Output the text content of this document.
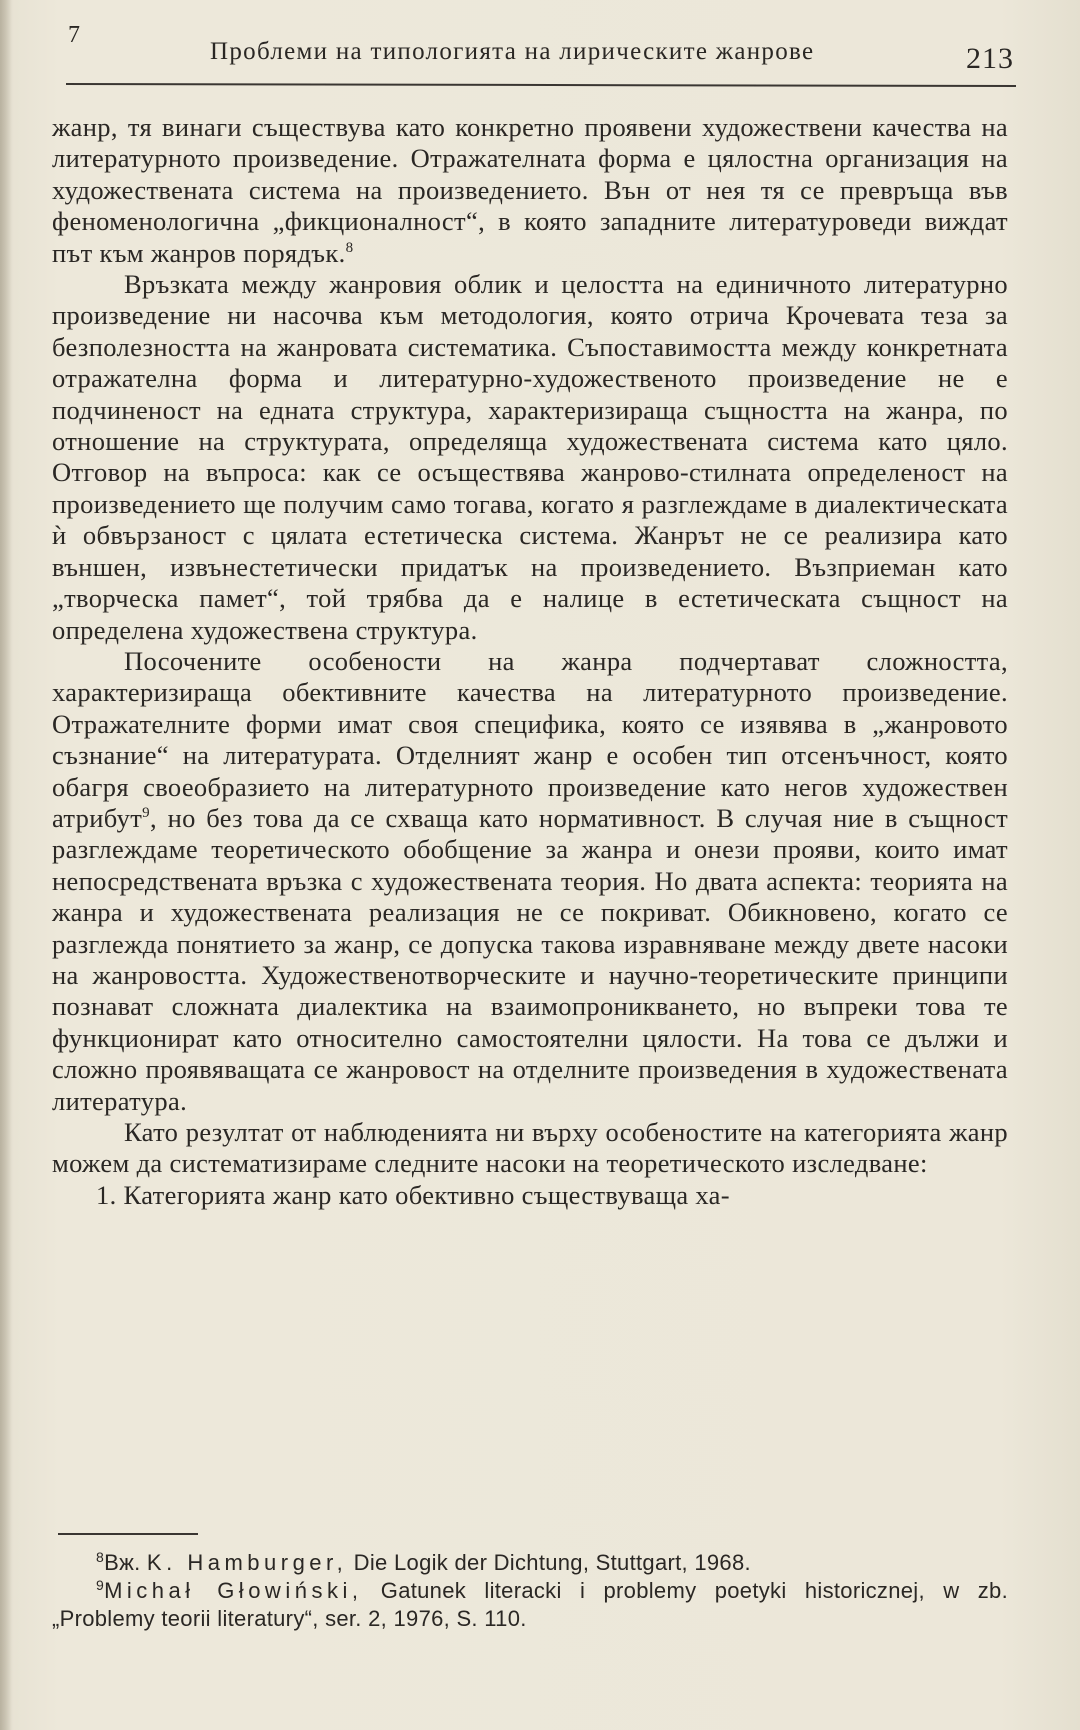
7
Проблеми на типологията на лирическите жанрове	213

жанр, тя винаги съществува като конкретно проявени художествени качества на литературното произведение. Отражателната форма е цялостна организация на художествената система на произведението. Вън от нея тя се превръща във феноменологична „фикционалност“, в която западните литературоведи виждат път към жанров порядък.$^8$

Връзката между жанровия облик и целостта на единичното литературно произведение ни насочва към методология, която отрича Крочевата теза за безполезността на жанровата систематика. Съпоставимостта между конкретната отражателна форма и литературно-художественото произведение не е подчиненост на едната структура, характеризираща същността на жанра, по отношение на структурата, определяща художествената система като цяло. Отговор на въпроса: как се осъществява жанрово-стилната определеност на произведението ще получим само тогава, когато я разглеждаме в диалектическата ѝ обвързаност с цялата естетическа система. Жанрът не се реализира като външен, извънестетически придатък на произведението. Възприеман като „творческа памет“, той трябва да е налице в естетическата същност на определена художествена структура.

Посочените особености на жанра подчертават сложността, характеризираща обективните качества на литературното произведение. Отражателните форми имат своя специфика, която се изявява в „жанровото съзнание“ на литературата. Отделният жанр е особен тип отсенъчност, която обагря своеобразието на литературното произведение като негов художествен атрибут$^9$, но без това да се схваща като нормативност. В случая ние в същност разглеждаме теоретическото обобщение за жанра и онези прояви, които имат непосредствената връзка с художествената теория. Но двата аспекта: теорията на жанра и художествената реализация не се покриват. Обикновено, когато се разглежда понятието за жанр, се допуска такова изравняване между двете насоки на жанровостта. Художественотворческите и научно-теоретическите принципи познават сложната диалектика на взаимопроникването, но въпреки това те функционират като относително самостоятелни цялости. На това се дължи и сложно проявяващата се жанровост на отделните произведения в художествената литература.

Като резултат от наблюденията ни върху особеностите на категорията жанр можем да систематизираме следните насоки на теоретическото изследване:

1. Категорията жанр като обективно съществуваща ха-

$^8$Вж. K. Hamburger, Die Logik der Dichtung, Stuttgart, 1968.

$^9$Michał Głowiński, Gatunek literacki i problemy poetyki historicznej, w zb. „Problemy teorii literatury“, ser. 2, 1976, S. 110.
